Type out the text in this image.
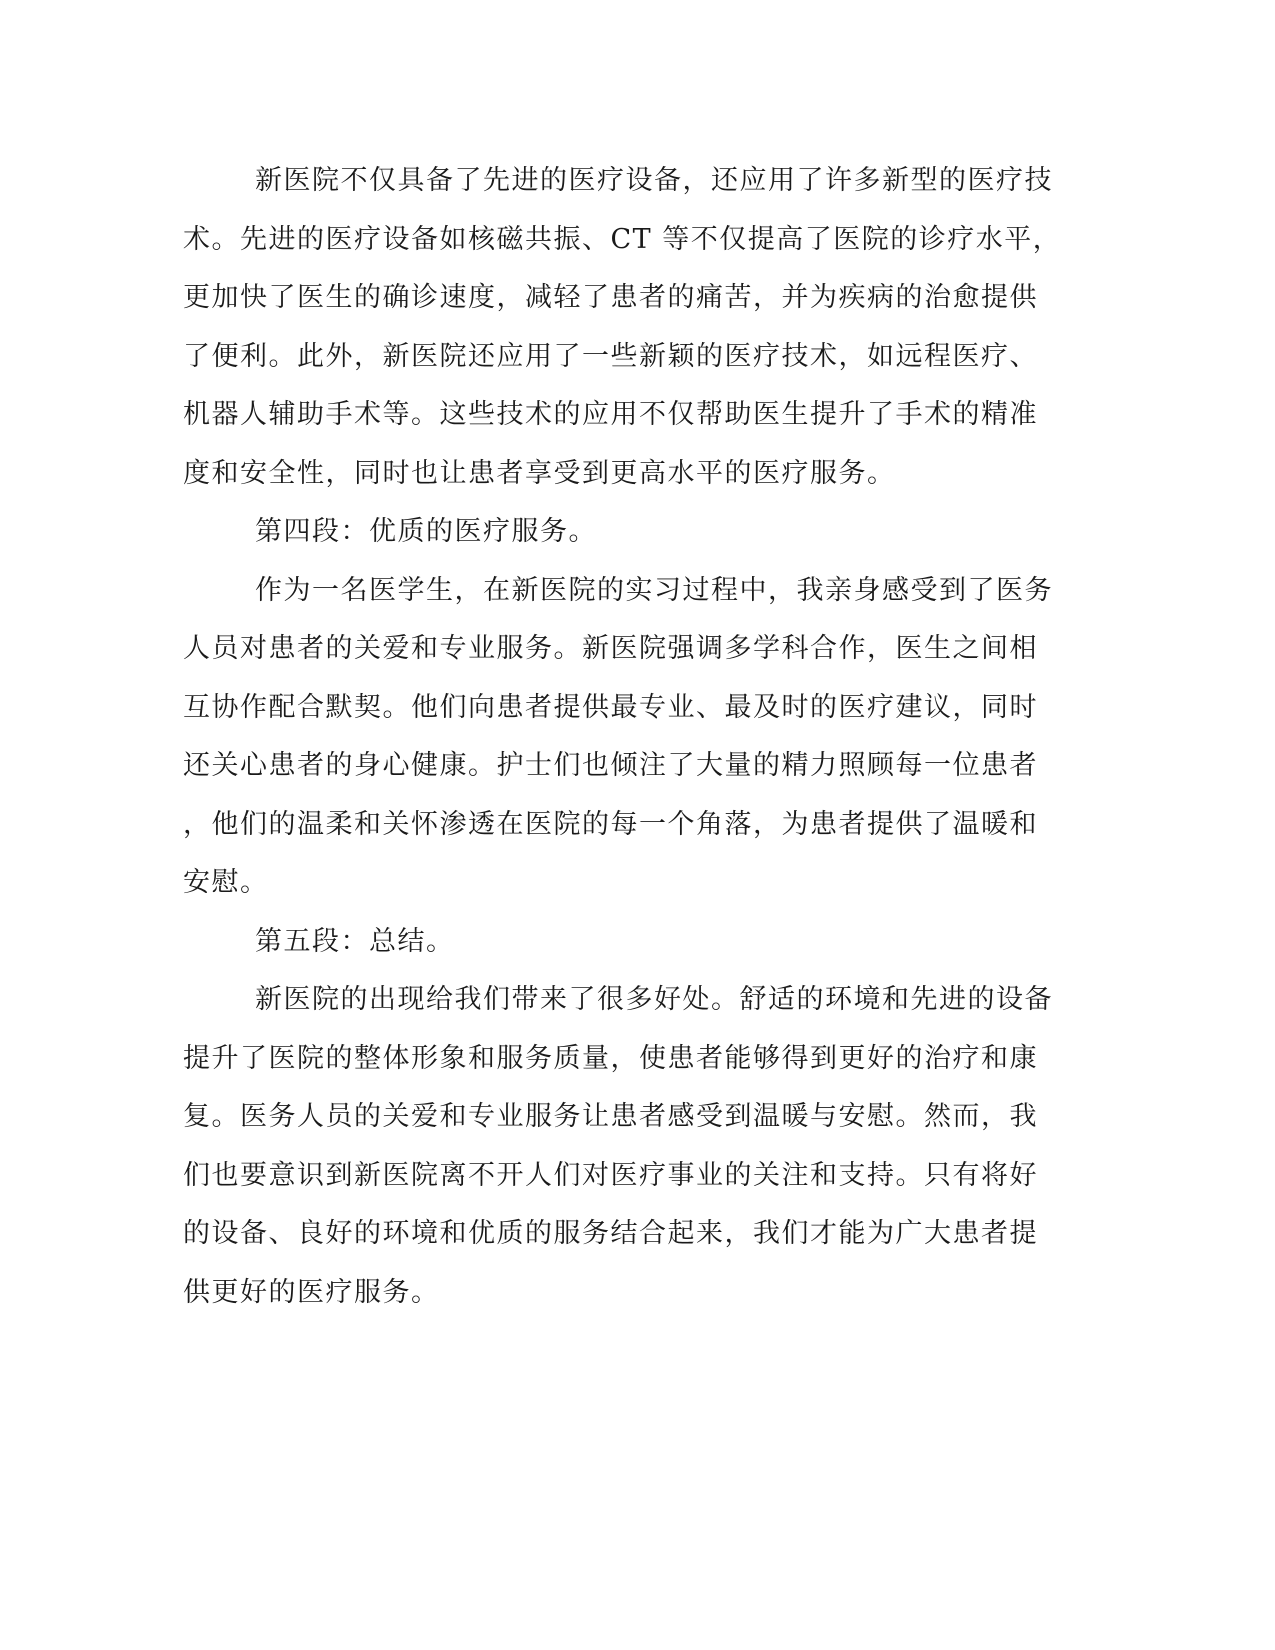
新医院不仅具备了先进的医疗设备，还应用了许多新型的医疗技
术。先进的医疗设备如核磁共振、CT 等不仅提高了医院的诊疗水平，
更加快了医生的确诊速度，减轻了患者的痛苦，并为疾病的治愈提供
了便利。此外，新医院还应用了一些新颖的医疗技术，如远程医疗、
机器人辅助手术等。这些技术的应用不仅帮助医生提升了手术的精准
度和安全性，同时也让患者享受到更高水平的医疗服务。
第四段：优质的医疗服务。
作为一名医学生，在新医院的实习过程中，我亲身感受到了医务
人员对患者的关爱和专业服务。新医院强调多学科合作，医生之间相
互协作配合默契。他们向患者提供最专业、最及时的医疗建议，同时
还关心患者的身心健康。护士们也倾注了大量的精力照顾每一位患者
，他们的温柔和关怀渗透在医院的每一个角落，为患者提供了温暖和
安慰。
第五段：总结。
新医院的出现给我们带来了很多好处。舒适的环境和先进的设备
提升了医院的整体形象和服务质量，使患者能够得到更好的治疗和康
复。医务人员的关爱和专业服务让患者感受到温暖与安慰。然而，我
们也要意识到新医院离不开人们对医疗事业的关注和支持。只有将好
的设备、良好的环境和优质的服务结合起来，我们才能为广大患者提
供更好的医疗服务。
